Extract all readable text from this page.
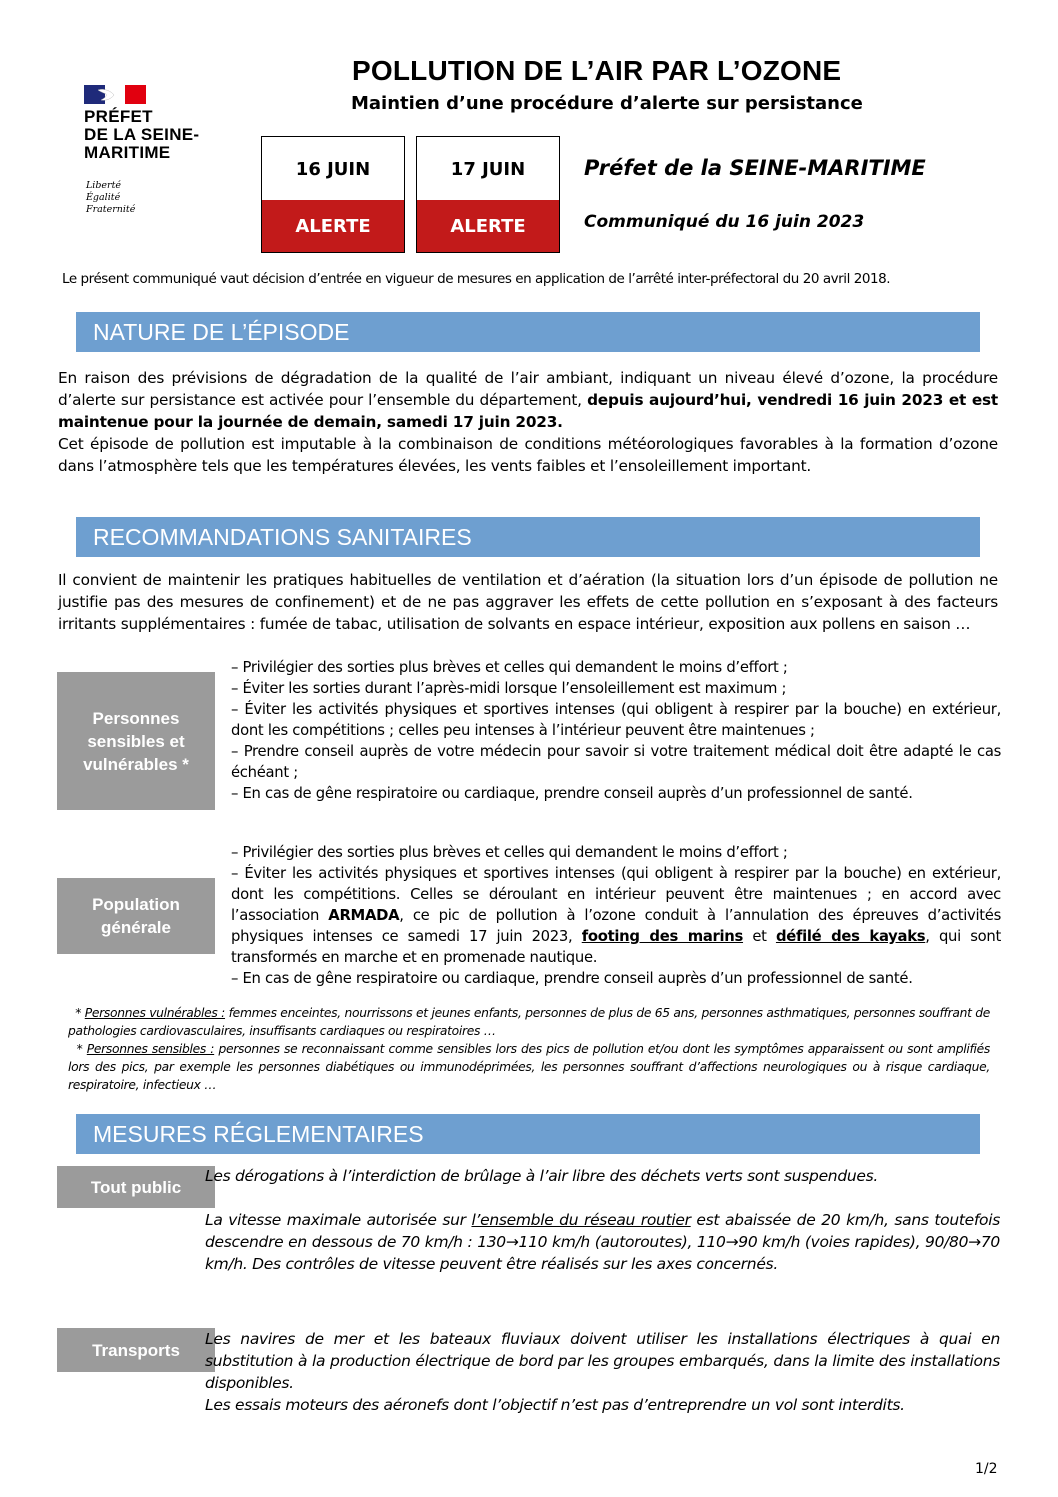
PRÉFET
DE LA SEINE-
MARITIME
Liberté
Égalité
Fraternité
POLLUTION DE L’AIR PAR L’OZONE
Maintien d’une procédure d’alerte sur persistance
16 JUIN
ALERTE
17 JUIN
ALERTE
Préfet de la SEINE-MARITIME
Communiqué du 16 juin 2023
Le présent communiqué vaut décision d’entrée en vigueur de mesures en application de l’arrêté inter-préfectoral du 20 avril 2018.
NATURE DE L’ÉPISODE

En raison des prévisions de dégradation de la qualité de l’air ambiant, indiquant un niveau élevé d’ozone, la procédure d’alerte sur persistance est activée pour l’ensemble du département, depuis aujourd’hui, vendredi 16 juin 2023 et est maintenue pour la journée de demain, samedi 17 juin 2023.

Cet épisode de pollution est imputable à la combinaison de conditions météorologiques favorables à la formation d’ozone dans l’atmosphère tels que les températures élevées, les vents faibles et l’ensoleillement important.

RECOMMANDATIONS SANITAIRES
Il convient de maintenir les pratiques habituelles de ventilation et d’aération (la situation lors d’un épisode de pollution ne justifie pas des mesures de confinement) et de ne pas aggraver les effets de cette pollution en s’exposant à des facteurs irritants supplémentaires : fumée de tabac, utilisation de solvants en espace intérieur, exposition aux pollens en saison …
Personnes sensibles et vulnérables *
– Privilégier des sorties plus brèves et celles qui demandent le moins d’effort ;
– Éviter les sorties durant l’après-midi lorsque l’ensoleillement est maximum ;
– Éviter les activités physiques et sportives intenses (qui obligent à respirer par la bouche) en extérieur, dont les compétitions ; celles peu intenses à l’intérieur peuvent être maintenues ;
– Prendre conseil auprès de votre médecin pour savoir si votre traitement médical doit être adapté le cas échéant ;
– En cas de gêne respiratoire ou cardiaque, prendre conseil auprès d’un professionnel de santé.
Population générale
– Privilégier des sorties plus brèves et celles qui demandent le moins d’effort ;
– Éviter les activités physiques et sportives intenses (qui obligent à respirer par la bouche) en extérieur, dont les compétitions. Celles se déroulant en intérieur peuvent être maintenues ; en accord avec l’association ARMADA, ce pic de pollution à l’ozone conduit à l’annulation des épreuves d’activités physiques intenses ce samedi 17 juin 2023, footing des marins et défilé des kayaks, qui sont transformés en marche et en promenade nautique.
– En cas de gêne respiratoire ou cardiaque, prendre conseil auprès d’un professionnel de santé.

* Personnes vulnérables : femmes enceintes, nourrissons et jeunes enfants, personnes de plus de 65 ans, personnes asthmatiques, personnes souffrant de pathologies cardiovasculaires, insuffisants cardiaques ou respiratoires …

* Personnes sensibles : personnes se reconnaissant comme sensibles lors des pics de pollution et/ou dont les symptômes apparaissent ou sont amplifiés lors des pics, par exemple les personnes diabétiques ou immunodéprimées, les personnes souffrant d’affections neurologiques ou à risque cardiaque, respiratoire, infectieux …

MESURES RÉGLEMENTAIRES
Tout public

Les dérogations à l’interdiction de brûlage à l’air libre des déchets verts sont suspendues.

La vitesse maximale autorisée sur l’ensemble du réseau routier est abaissée de 20 km/h, sans toutefois descendre en dessous de 70 km/h : 130→110 km/h (autoroutes), 110→90 km/h (voies rapides), 90/80→70 km/h. Des contrôles de vitesse peuvent être réalisés sur les axes concernés.

Transports

Les navires de mer et les bateaux fluviaux doivent utiliser les installations électriques à quai en substitution à la production électrique de bord par les groupes embarqués, dans la limite des installations disponibles.

Les essais moteurs des aéronefs dont l’objectif n’est pas d’entreprendre un vol sont interdits.

1/2
